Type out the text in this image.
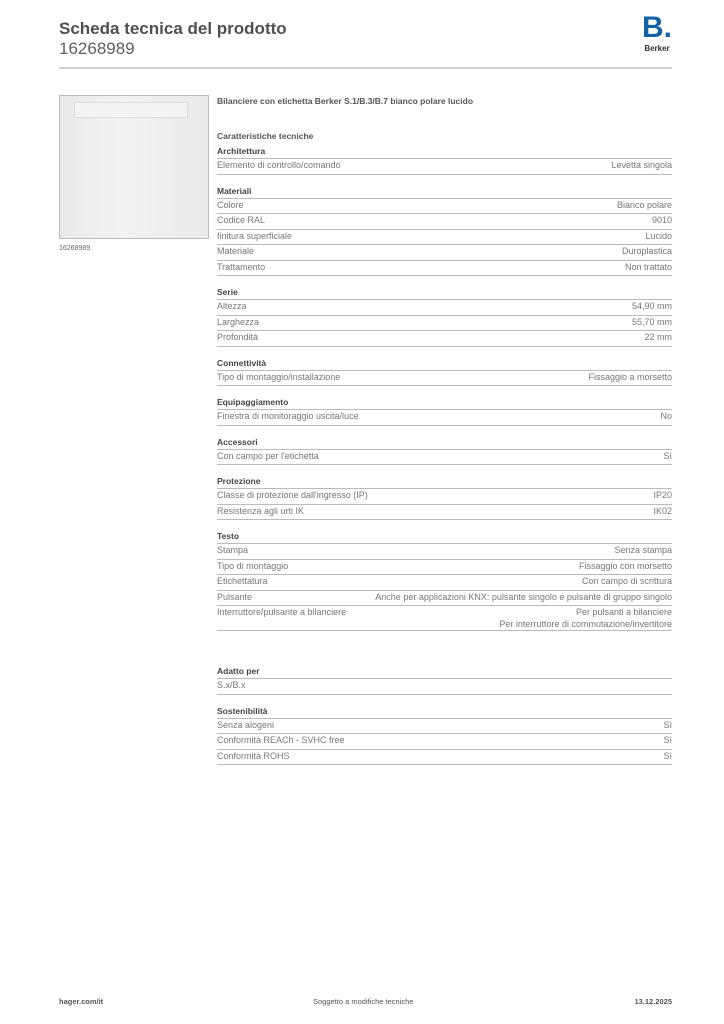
Scheda tecnica del prodotto
16268989
B.
Berker
16268989
Bilanciere con etichetta Berker S.1/B.3/B.7 bianco polare lucido
Caratteristiche tecniche
Architettura
Elemento di controllo/comando	Levetta singola
Materiali
Colore	Bianco polare
Codice RAL	9010
finitura superficiale	Lucido
Materiale	Duroplastica
Trattamento	Non trattato
Serie
Altezza	54,90 mm
Larghezza	55,70 mm
Profondità	22 mm
Connettività
Tipo di montaggio/installazione	Fissaggio a morsetto
Equipaggiamento
Finestra di monitoraggio uscita/luce	No
Accessori
Con campo per l'etichetta	Sì
Protezione
Classe di protezione dall'ingresso (IP)	IP20
Resistenza agli urti IK	IK02
Testo
Stampa	Senza stampa
Tipo di montaggio	Fissaggio con morsetto
Etichettatura	Con campo di scrittura
Pulsante	Anche per applicazioni KNX: pulsante singolo e pulsante di gruppo singolo
Interruttore/pulsante a bilanciere	Per pulsanti a bilanciere
Per interruttore di commutazione/invertitore
Adatto per
S.x/B.x
Sostenibilità
Senza alogeni	Sì
Conformità REACh - SVHC free	Sì
Conformità ROHS	Sì
hager.com/it	Soggetto a modifiche tecniche	13.12.2025
